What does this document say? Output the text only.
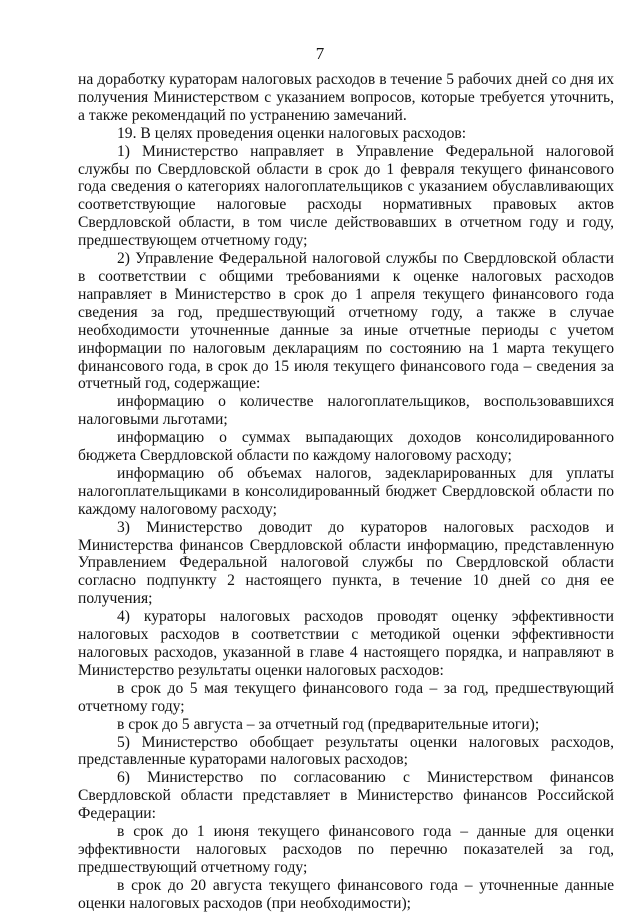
7

на доработку кураторам налоговых расходов в течение 5 рабочих дней со дня их получения Министерством с указанием вопросов, которые требуется уточнить, а также рекомендаций по устранению замечаний.

19. В целях проведения оценки налоговых расходов:

1) Министерство направляет в Управление Федеральной налоговой службы по Свердловской области в срок до 1 февраля текущего финансового года сведения о категориях налогоплательщиков с указанием обуславливающих соответствующие налоговые расходы нормативных правовых актов Свердловской области, в том числе действовавших в отчетном году и году, предшествующем отчетному году;

2) Управление Федеральной налоговой службы по Свердловской области в соответствии с общими требованиями к оценке налоговых расходов направляет в Министерство в срок до 1 апреля текущего финансового года сведения за год, предшествующий отчетному году, а также в случае необходимости уточненные данные за иные отчетные периоды с учетом информации по налоговым декларациям по состоянию на 1 марта текущего финансового года, в срок до 15 июля текущего финансового года – сведения за отчетный год, содержащие:

информацию о количестве налогоплательщиков, воспользовавшихся налоговыми льготами;

информацию о суммах выпадающих доходов консолидированного бюджета Свердловской области по каждому налоговому расходу;

информацию об объемах налогов, задекларированных для уплаты налогоплательщиками в консолидированный бюджет Свердловской области по каждому налоговому расходу;

3) Министерство доводит до кураторов налоговых расходов и Министерства финансов Свердловской области информацию, представленную Управлением Федеральной налоговой службы по Свердловской области согласно подпункту 2 настоящего пункта, в течение 10 дней со дня ее получения;

4) кураторы налоговых расходов проводят оценку эффективности налоговых расходов в соответствии с методикой оценки эффективности налоговых расходов, указанной в главе 4 настоящего порядка, и направляют в Министерство результаты оценки налоговых расходов:

в срок до 5 мая текущего финансового года – за год, предшествующий отчетному году;

в срок до 5 августа – за отчетный год (предварительные итоги);

5) Министерство обобщает результаты оценки налоговых расходов, представленные кураторами налоговых расходов;

6) Министерство по согласованию с Министерством финансов Свердловской области представляет в Министерство финансов Российской Федерации:

в срок до 1 июня текущего финансового года – данные для оценки эффективности налоговых расходов по перечню показателей за год, предшествующий отчетному году;

в срок до 20 августа текущего финансового года – уточненные данные оценки налоговых расходов (при необходимости);
